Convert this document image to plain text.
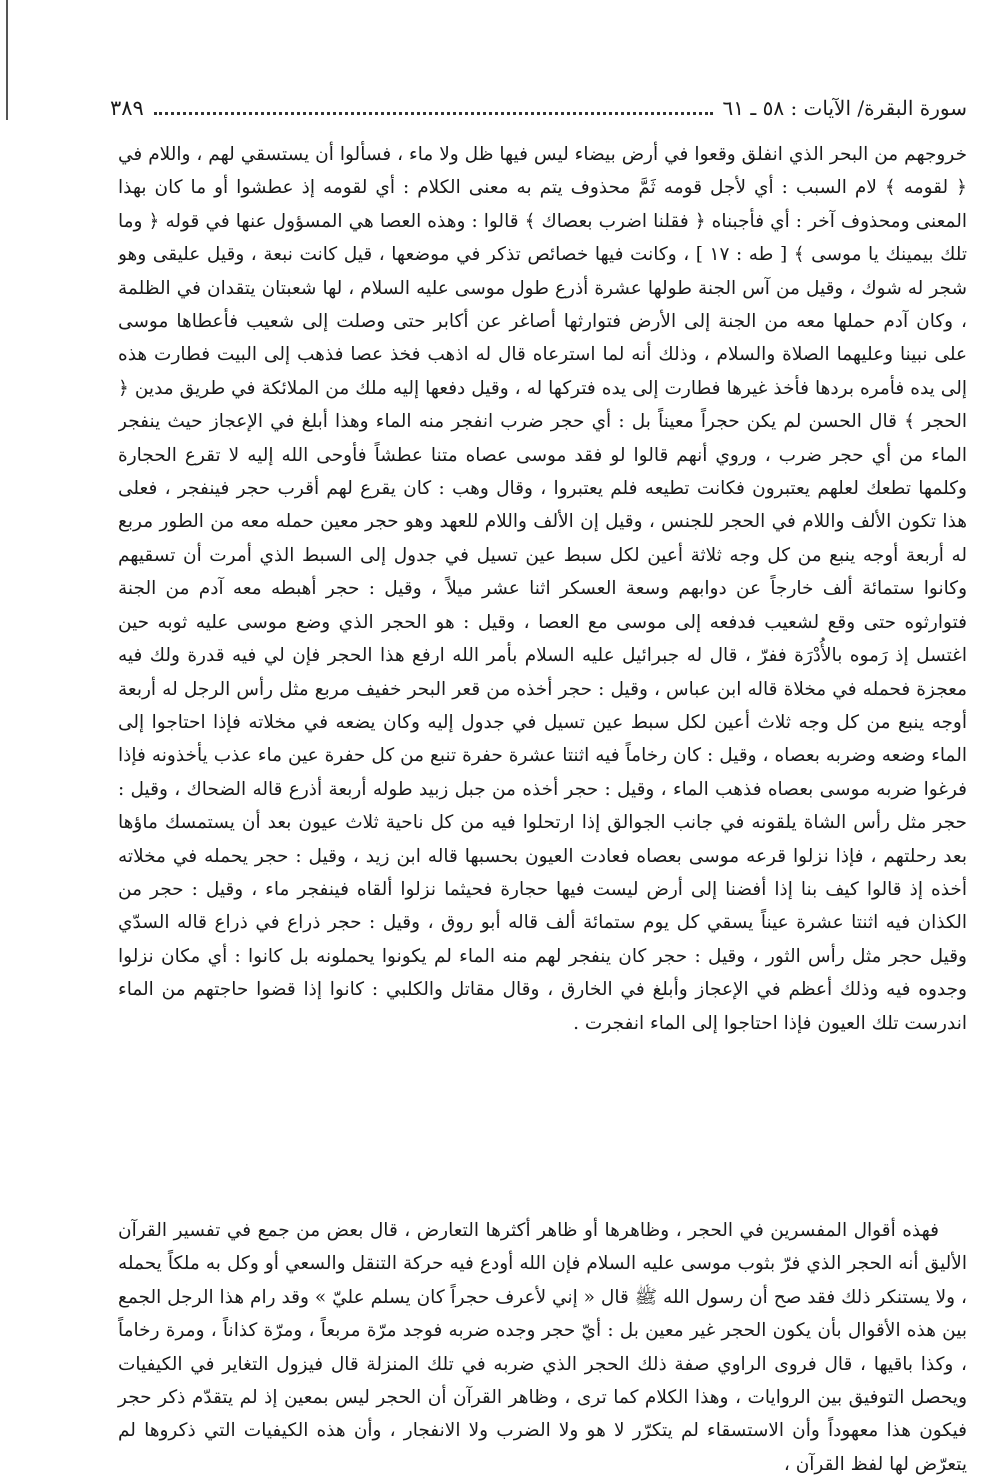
سورة البقرة/ الآيات : ٥٨ ـ ٦١
٣٨٩

خروجهم من البحر الذي انفلق وقعوا في أرض بيضاء ليس فيها ظل ولا ماء ، فسألوا أن يستسقي لهم ، واللام في ﴿ لقومه ﴾ لام السبب : أي لأجل قومه ثَمَّ محذوف يتم به معنى الكلام : أي لقومه إذ عطشوا أو ما كان بهذا المعنى ومحذوف آخر : أي فأجبناه ﴿ فقلنا اضرب بعصاك ﴾ قالوا : وهذه العصا هي المسؤول عنها في قوله ﴿ وما تلك بيمينك يا موسى ﴾ [ طه : ١٧ ] ، وكانت فيها خصائص تذكر في موضعها ، قيل كانت نبعة ، وقيل عليقى وهو شجر له شوك ، وقيل من آس الجنة طولها عشرة أذرع طول موسى عليه السلام ، لها شعبتان يتقدان في الظلمة ، وكان آدم حملها معه من الجنة إلى الأرض فتوارثها أصاغر عن أكابر حتى وصلت إلى شعيب فأعطاها موسى على نبينا وعليهما الصلاة والسلام ، وذلك أنه لما استرعاه قال له اذهب فخذ عصا فذهب إلى البيت فطارت هذه إلى يده فأمره بردها فأخذ غيرها فطارت إلى يده فتركها له ، وقيل دفعها إليه ملك من الملائكة في طريق مدين ﴿ الحجر ﴾ قال الحسن لم يكن حجراً معيناً بل : أي حجر ضرب انفجر منه الماء وهذا أبلغ في الإعجاز حيث ينفجر الماء من أي حجر ضرب ، وروي أنهم قالوا لو فقد موسى عصاه متنا عطشاً فأوحى الله إليه لا تقرع الحجارة وكلمها تطعك لعلهم يعتبرون فكانت تطيعه فلم يعتبروا ، وقال وهب : كان يقرع لهم أقرب حجر فينفجر ، فعلى هذا تكون الألف واللام في الحجر للجنس ، وقيل إن الألف واللام للعهد وهو حجر معين حمله معه من الطور مربع له أربعة أوجه ينبع من كل وجه ثلاثة أعين لكل سبط عين تسيل في جدول إلى السبط الذي أمرت أن تسقيهم وكانوا ستمائة ألف خارجاً عن دوابهم وسعة العسكر اثنا عشر ميلاً ، وقيل : حجر أهبطه معه آدم من الجنة فتوارثوه حتى وقع لشعيب فدفعه إلى موسى مع العصا ، وقيل : هو الحجر الذي وضع موسى عليه ثوبه حين اغتسل إذ رَموه بالأُدْرَة ففرّ ، قال له جبرائيل عليه السلام بأمر الله ارفع هذا الحجر فإن لي فيه قدرة ولك فيه معجزة فحمله في مخلاة قاله ابن عباس ، وقيل : حجر أخذه من قعر البحر خفيف مربع مثل رأس الرجل له أربعة أوجه ينبع من كل وجه ثلاث أعين لكل سبط عين تسيل في جدول إليه وكان يضعه في مخلاته فإذا احتاجوا إلى الماء وضعه وضربه بعصاه ، وقيل : كان رخاماً فيه اثنتا عشرة حفرة تنبع من كل حفرة عين ماء عذب يأخذونه فإذا فرغوا ضربه موسى بعصاه فذهب الماء ، وقيل : حجر أخذه من جبل زبيد طوله أربعة أذرع قاله الضحاك ، وقيل : حجر مثل رأس الشاة يلقونه في جانب الجوالق إذا ارتحلوا فيه من كل ناحية ثلاث عيون بعد أن يستمسك ماؤها بعد رحلتهم ، فإذا نزلوا قرعه موسى بعصاه فعادت العيون بحسبها قاله ابن زيد ، وقيل : حجر يحمله في مخلاته أخذه إذ قالوا كيف بنا إذا أفضنا إلى أرض ليست فيها حجارة فحيثما نزلوا ألقاه فينفجر ماء ، وقيل : حجر من الكذان فيه اثنتا عشرة عيناً يسقي كل يوم ستمائة ألف قاله أبو روق ، وقيل : حجر ذراع في ذراع قاله السدّي وقيل حجر مثل رأس الثور ، وقيل : حجر كان ينفجر لهم منه الماء لم يكونوا يحملونه بل كانوا : أي مكان نزلوا وجدوه فيه وذلك أعظم في الإعجاز وأبلغ في الخارق ، وقال مقاتل والكلبي : كانوا إذا قضوا حاجتهم من الماء اندرست تلك العيون فإذا احتاجوا إلى الماء انفجرت .

فهذه أقوال المفسرين في الحجر ، وظاهرها أو ظاهر أكثرها التعارض ، قال بعض من جمع في تفسير القرآن الأليق أنه الحجر الذي فرّ بثوب موسى عليه السلام فإن الله أودع فيه حركة التنقل والسعي أو وكل به ملكاً يحمله ، ولا يستنكر ذلك فقد صح أن رسول الله ﷺ قال « إني لأعرف حجراً كان يسلم عليّ » وقد رام هذا الرجل الجمع بين هذه الأقوال بأن يكون الحجر غير معين بل : أيّ حجر وجده ضربه فوجد مرّة مربعاً ، ومرّة كذاناً ، ومرة رخاماً ، وكذا باقيها ، قال فروى الراوي صفة ذلك الحجر الذي ضربه في تلك المنزلة قال فيزول التغاير في الكيفيات ويحصل التوفيق بين الروايات ، وهذا الكلام كما ترى ، وظاهر القرآن أن الحجر ليس بمعين إذ لم يتقدّم ذكر حجر فيكون هذا معهوداً وأن الاستسقاء لم يتكرّر لا هو ولا الضرب ولا الانفجار ، وأن هذه الكيفيات التي ذكروها لم يتعرّض لها لفظ القرآن ،
